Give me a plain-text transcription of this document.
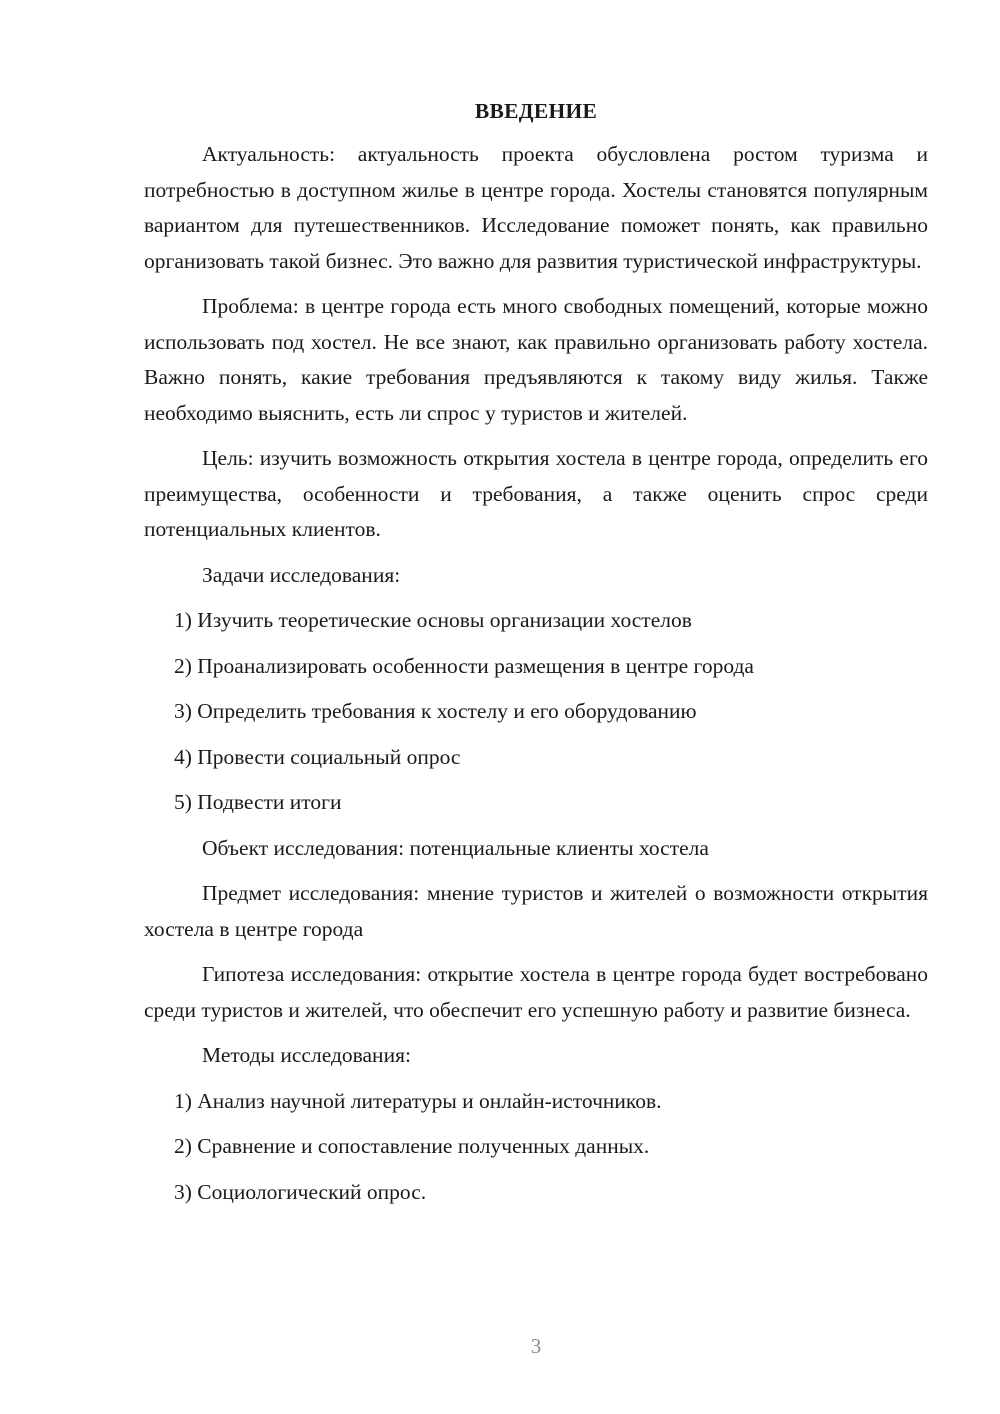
ВВЕДЕНИЕ

Актуальность: актуальность проекта обусловлена ростом туризма и потребностью в доступном жилье в центре города. Хостелы становятся популярным вариантом для путешественников. Исследование поможет понять, как правильно организовать такой бизнес. Это важно для развития туристической инфраструктуры.

Проблема: в центре города есть много свободных помещений, которые можно использовать под хостел. Не все знают, как правильно организовать работу хостела. Важно понять, какие требования предъявляются к такому виду жилья. Также необходимо выяснить, есть ли спрос у туристов и жителей.

Цель: изучить возможность открытия хостела в центре города, определить его преимущества, особенности и требования, а также оценить спрос среди потенциальных клиентов.

Задачи исследования:

1) Изучить теоретические основы организации хостелов

2) Проанализировать особенности размещения в центре города

3) Определить требования к хостелу и его оборудованию

4) Провести социальный опрос

5) Подвести итоги

Объект исследования: потенциальные клиенты хостела

Предмет исследования: мнение туристов и жителей о возможности открытия хостела в центре города

Гипотеза исследования: открытие хостела в центре города будет востребовано среди туристов и жителей, что обеспечит его успешную работу и развитие бизнеса.

Методы исследования:

1) Анализ научной литературы и онлайн-источников.

2) Сравнение и сопоставление полученных данных.

3) Социологический опрос.

3
